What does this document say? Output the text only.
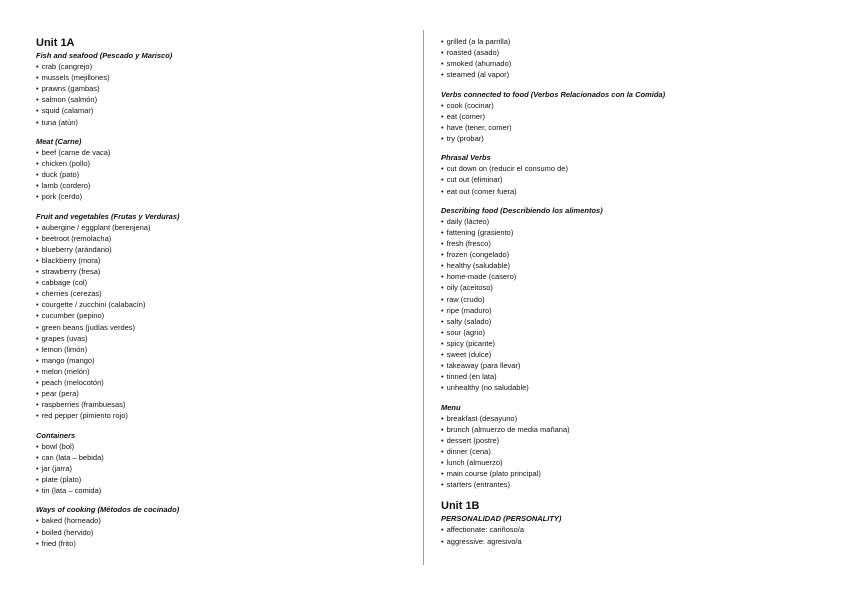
Unit 1A
Fish and seafood (Pescado y Marisco)
• crab (cangrejo)
• mussels (mejillones)
• prawns (gambas)
• salmon (salmón)
• squid (calamar)
• tuna (atún)
Meat (Carne)
• beef (carne de vaca)
• chicken (pollo)
• duck (pato)
• lamb (cordero)
• pork (cerdo)
Fruit and vegetables (Frutas y Verduras)
• aubergine / eggplant (berenjena)
• beetroot (remolacha)
• blueberry (arándano)
• blackberry (mora)
• strawberry (fresa)
• cabbage (col)
• cherries (cerezas)
• courgette / zucchini (calabacín)
• cucumber (pepino)
• green beans (judías verdes)
• grapes (uvas)
• lemon (limón)
• mango (mango)
• melon (melón)
• peach (melocotón)
• pear (pera)
• raspberries (frambuesas)
• red pepper (pimiento rojo)
Containers
• bowl (bol)
• can (lata – bebida)
• jar (jarra)
• plate (plato)
• tin (lata – comida)
Ways of cooking (Métodos de cocinado)
• baked (horneado)
• boiled (hervido)
• fried (frito)
• grilled (a la parrilla)
• roasted (asado)
• smoked (ahumado)
• steamed (al vapor)
Verbs connected to food (Verbos Relacionados con la Comida)
• cook (cocinar)
• eat (comer)
• have (tener, comer)
• try (probar)
Phrasal Verbs
• cut down on (reducir el consumo de)
• cut out (eliminar)
• eat out (comer fuera)
Describing food (Describiendo los alimentos)
• daily (lácteo)
• fattening (grasiento)
• fresh (fresco)
• frozen (congelado)
• healthy (saludable)
• home-made (casero)
• oily (aceitoso)
• raw (crudo)
• ripe (maduro)
• salty (salado)
• sour (agrio)
• spicy (picante)
• sweet (dulce)
• takeaway (para llevar)
• tinned (en lata)
• unhealthy (no saludable)
Menu
• breakfast (desayuno)
• brunch (almuerzo de media mañana)
• dessert (postre)
• dinner (cena)
• lunch (almuerzo)
• main course (plato principal)
• starters (entrantes)
Unit 1B
PERSONALIDAD (PERSONALITY)
• affectionate: cariñoso/a
• aggressive: agresivo/a
